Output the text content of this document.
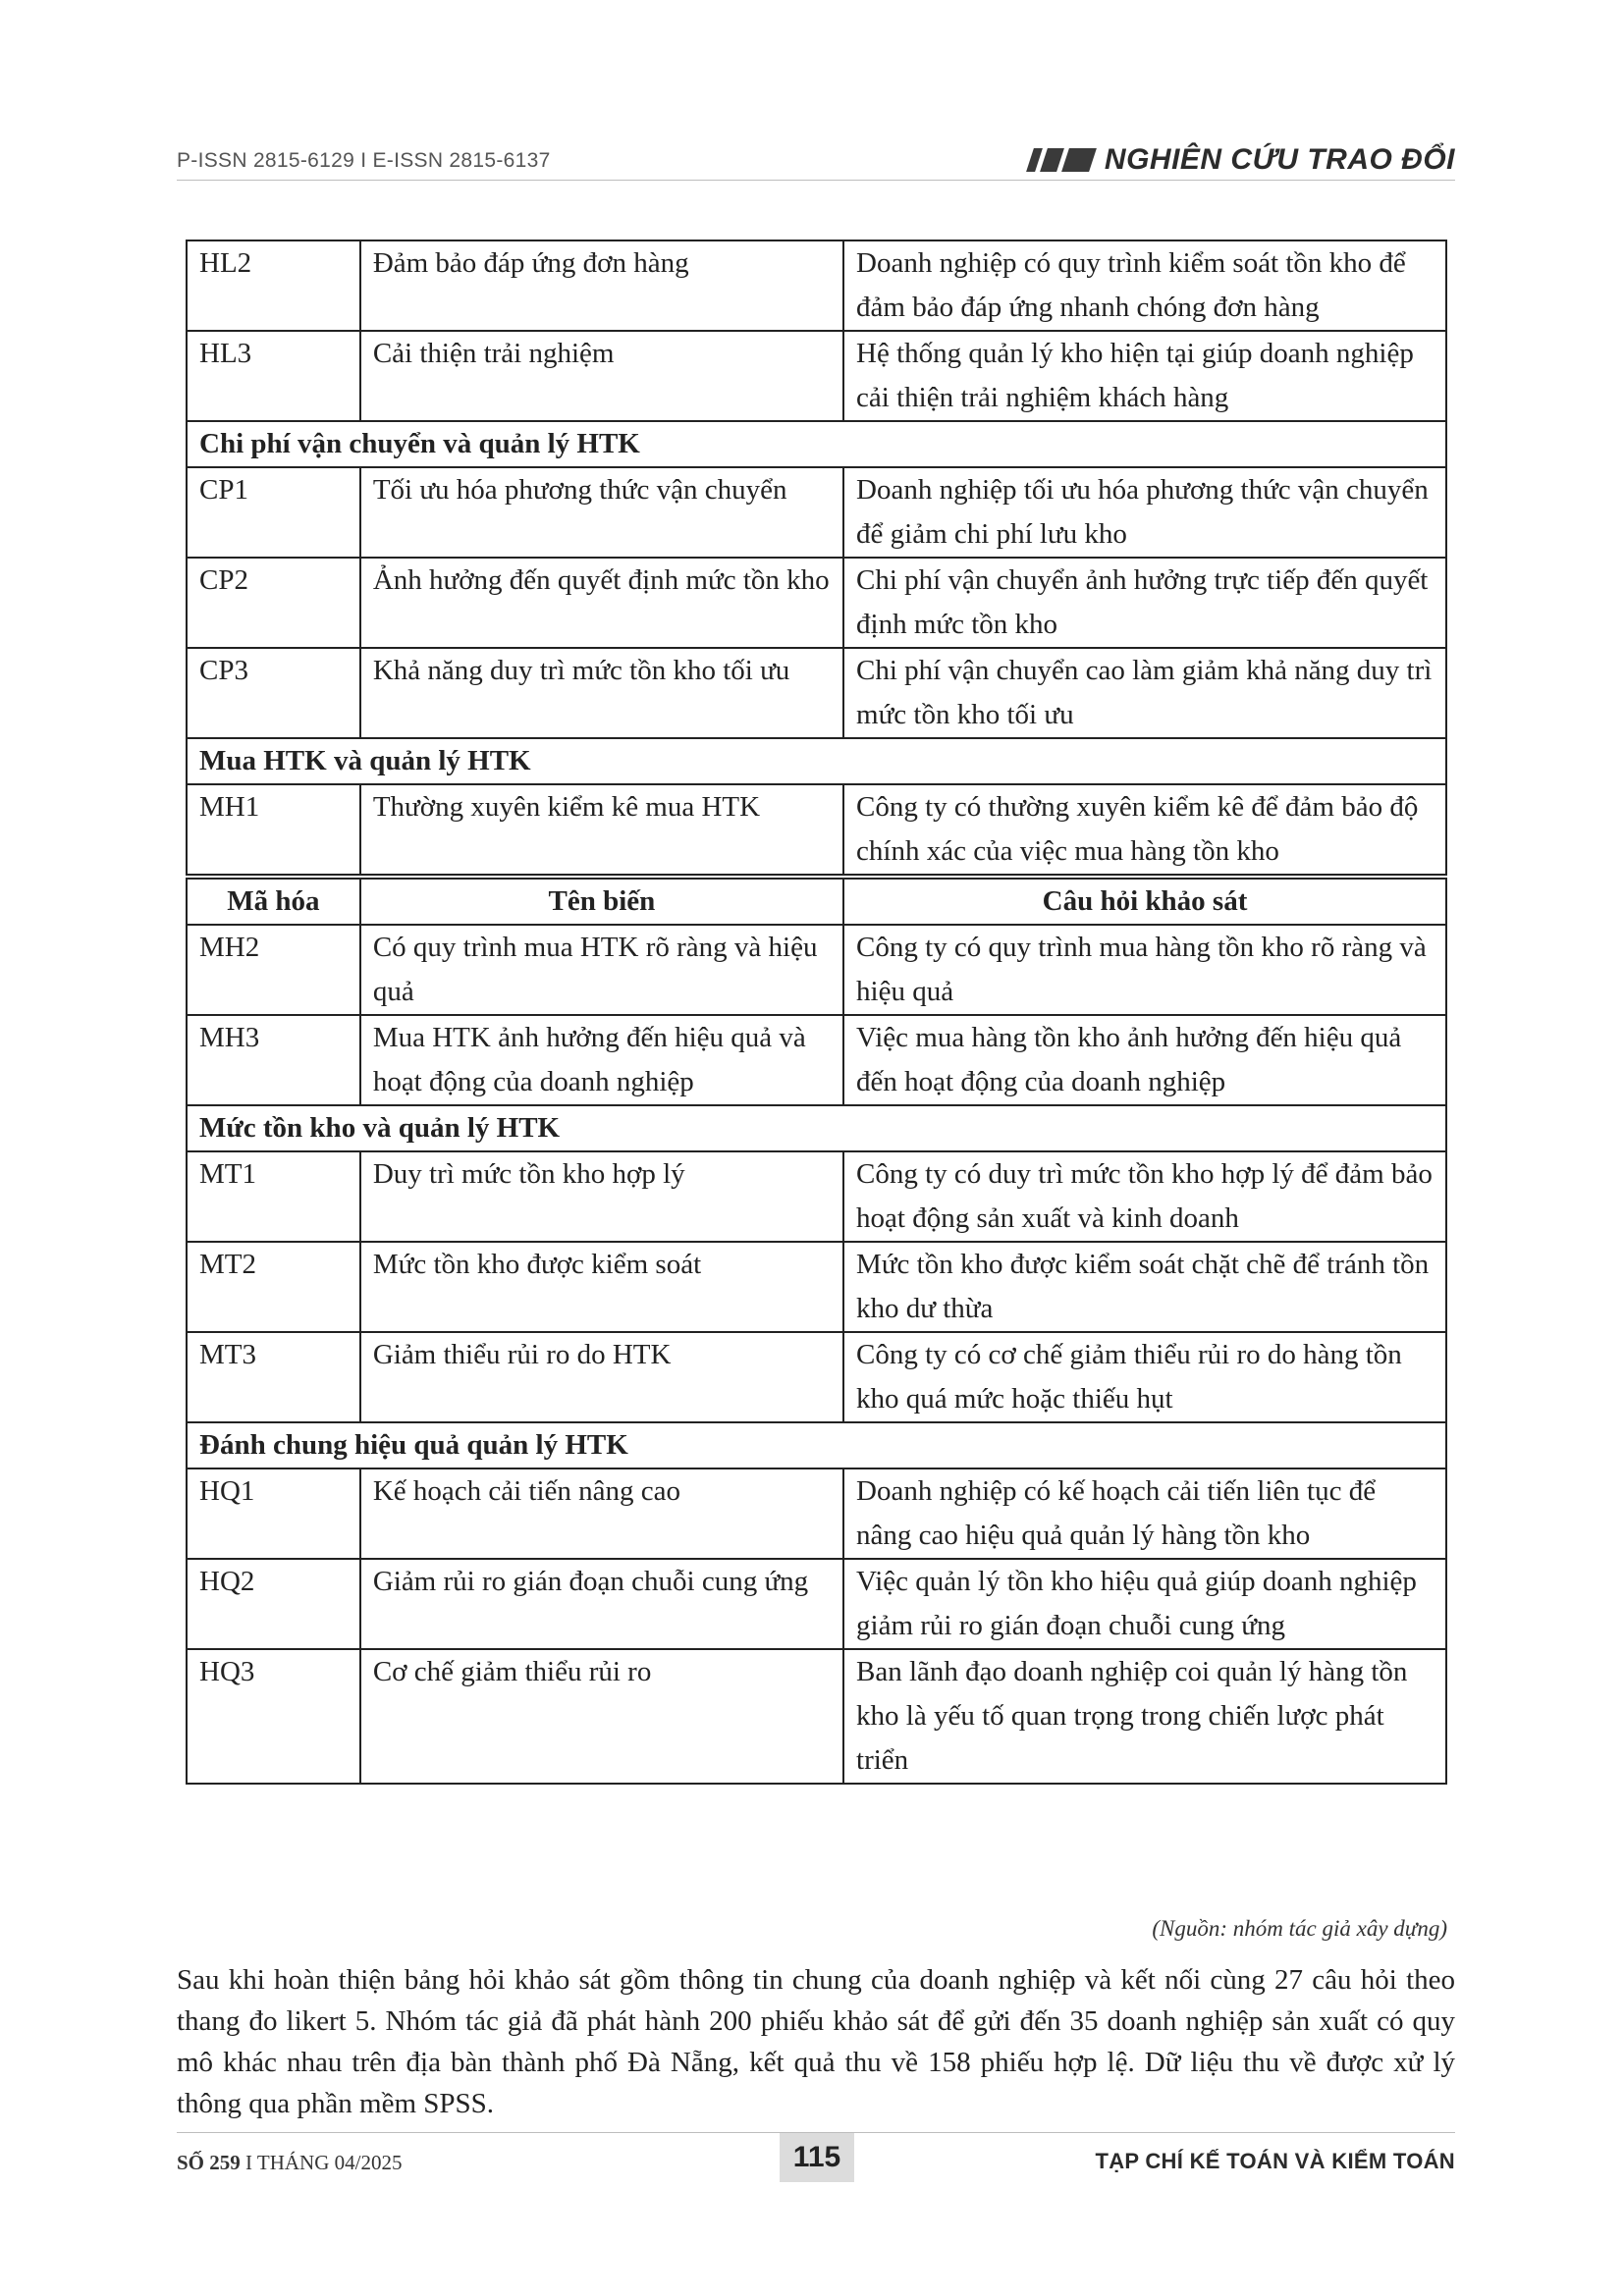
P-ISSN 2815-6129 I E-ISSN 2815-6137	NGHIÊN CỨU TRAO ĐỔI
HL2	Đảm bảo đáp ứng đơn hàng	Doanh nghiệp có quy trình kiểm soát tồn kho để đảm bảo đáp ứng nhanh chóng đơn hàng
HL3	Cải thiện trải nghiệm	Hệ thống quản lý kho hiện tại giúp doanh nghiệp cải thiện trải nghiệm khách hàng
Chi phí vận chuyển và quản lý HTK		
CP1	Tối ưu hóa phương thức vận chuyển	Doanh nghiệp tối ưu hóa phương thức vận chuyển để giảm chi phí lưu kho
CP2	Ảnh hưởng đến quyết định mức tồn kho	Chi phí vận chuyển ảnh hưởng trực tiếp đến quyết định mức tồn kho
CP3	Khả năng duy trì mức tồn kho tối ưu	Chi phí vận chuyển cao làm giảm khả năng duy trì mức tồn kho tối ưu
Mua HTK và quản lý HTK		
MH1	Thường xuyên kiểm kê mua HTK	Công ty có thường xuyên kiểm kê để đảm bảo độ chính xác của việc mua hàng tồn kho
Mã hóa	Tên biến	Câu hỏi khảo sát
MH2	Có quy trình mua HTK rõ ràng và hiệu quả	Công ty có quy trình mua hàng tồn kho rõ ràng và hiệu quả
MH3	Mua HTK ảnh hưởng đến hiệu quả và hoạt động của doanh nghiệp	Việc mua hàng tồn kho ảnh hưởng đến hiệu quả đến hoạt động của doanh nghiệp
Mức tồn kho và quản lý HTK		
MT1	Duy trì mức tồn kho hợp lý	Công ty có duy trì mức tồn kho hợp lý để đảm bảo hoạt động sản xuất và kinh doanh
MT2	Mức tồn kho được kiểm soát	Mức tồn kho được kiểm soát chặt chẽ để tránh tồn kho dư thừa
MT3	Giảm thiểu rủi ro do HTK	Công ty có cơ chế giảm thiểu rủi ro do hàng tồn kho quá mức hoặc thiếu hụt
Đánh chung hiệu quả quản lý HTK		
HQ1	Kế hoạch cải tiến nâng cao	Doanh nghiệp có kế hoạch cải tiến liên tục để nâng cao hiệu quả quản lý hàng tồn kho
HQ2	Giảm rủi ro gián đoạn chuỗi cung ứng	Việc quản lý tồn kho hiệu quả giúp doanh nghiệp giảm rủi ro gián đoạn chuỗi cung ứng
HQ3	Cơ chế giảm thiểu rủi ro	Ban lãnh đạo doanh nghiệp coi quản lý hàng tồn kho là yếu tố quan trọng trong chiến lược phát triển
(Nguồn: nhóm tác giả xây dựng)
Sau khi hoàn thiện bảng hỏi khảo sát gồm thông tin chung của doanh nghiệp và kết nối cùng 27 câu hỏi theo thang đo likert 5. Nhóm tác giả đã phát hành 200 phiếu khảo sát để gửi đến 35 doanh nghiệp sản xuất có quy mô khác nhau trên địa bàn thành phố Đà Nẵng, kết quả thu về 158 phiếu hợp lệ. Dữ liệu thu về được xử lý thông qua phần mềm SPSS.
SỐ 259 I THÁNG 04/2025	115	TẠP CHÍ KẾ TOÁN VÀ KIỂM TOÁN
